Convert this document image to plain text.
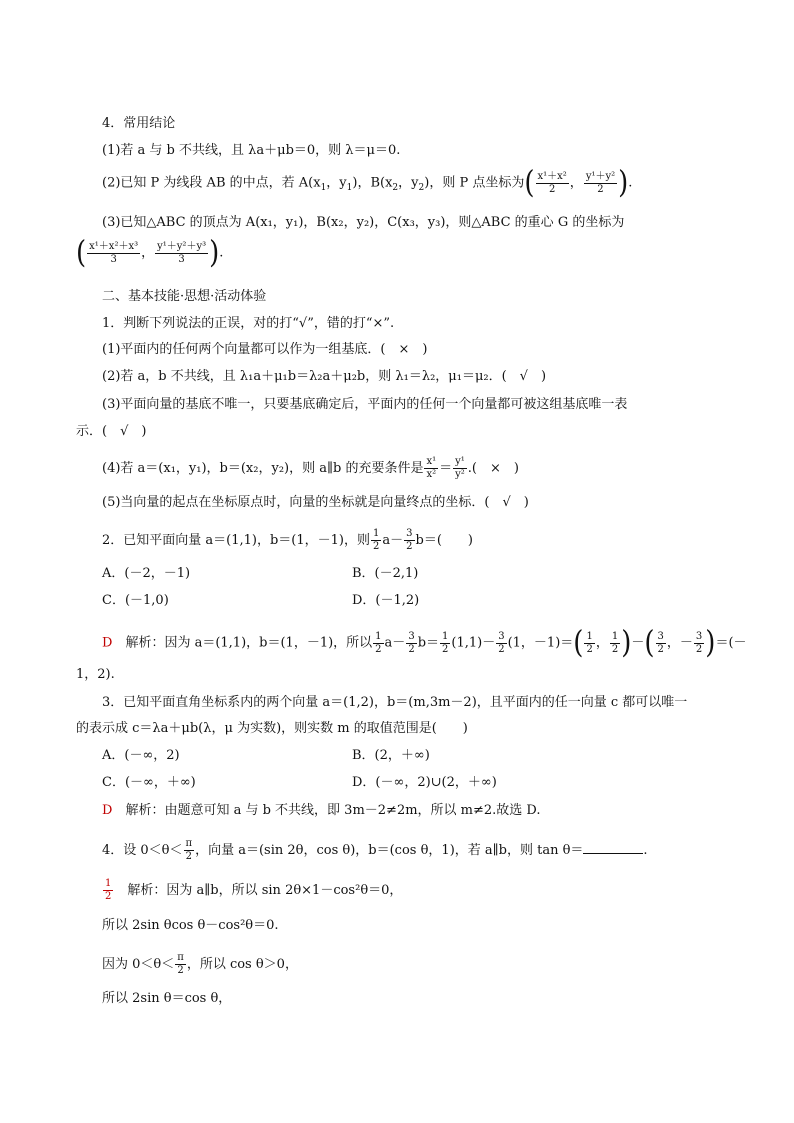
4．常用结论
(1)若 a 与 b 不共线，且 λa＋μb＝0，则 λ＝μ＝0.
(2)已知 P 为线段 AB 的中点，若 $A(x_1$，$y_1$)，$B(x_2$，$y_2$)，则 P 点坐标为( $\frac{\text{x¹＋x²}}{2}$ ， $\frac{\text{y¹＋y²}}{2}$ ).
(3)已知△ABC 的顶点为 A(x₁，y₁)，B(x₂，y₂)，C(x₃，y₃)，则△ABC 的重心 G 的坐标为
( $\frac{\text{x¹＋x²＋x³}}{3}$ ， $\frac{\text{y¹＋y²＋y³}}{3}$ ).
二、基本技能·思想·活动体验
1．判断下列说法的正误，对的打“√”，错的打“×”.
(1)平面内的任何两个向量都可以作为一组基底．(　×　)
(2)若 a，b 不共线，且 λ₁a＋μ₁b＝λ₂a＋μ₂b，则 λ₁＝λ₂，μ₁＝μ₂．(　√　)
(3)平面向量的基底不唯一，只要基底确定后，平面内的任何一个向量都可被这组基底唯一表
示．(　√　)
(4)若 a＝(x₁，y₁)，b＝(x₂，y₂)，则 a∥b 的充要条件是 $\frac{\text{x¹}}{\text{x²}} = \frac{\text{y¹}}{\text{y²}}$ .(　×　)
(5)当向量的起点在坐标原点时，向量的坐标就是向量终点的坐标．(　√　)
2．已知平面向量 a＝(1,1)，b＝(1，－1)，则 $\frac{1}{2} a- \frac{3}{2} b=$(　　)
A．(－2，－1)	B．(－2,1)
C．(－1,0)	D．(－1,2)
D　 解析：因为 a＝(1,1)，b＝(1，－1)，所以 $\frac{1}{2} a- \frac{3}{2} b= \frac{1}{2} (1,1)- \frac{3}{2} (1$，$-1)=( \frac{1}{2}$ ， $\frac{1}{2}$ )－( $\frac{3}{2}$ ，－ $\frac{3}{2}$ )＝(－
1，2).
3．已知平面直角坐标系内的两个向量 a＝(1,2)，b＝(m,3m－2)，且平面内的任一向量 c 都可以唯一
的表示成 c＝λa＋μb(λ，μ 为实数)，则实数 m 的取值范围是(　　)
A．(－∞，2)	B．(2，＋∞)
C．(－∞，＋∞)	D．(－∞，2)∪(2，＋∞)
D　 解析：由题意可知 a 与 b 不共线，即 3m－2≠2m，所以 m≠2.故选 D.
4．设 $0<\theta< \frac{\pi}{2}$ ，向量 a＝(sin 2θ，cos θ)，b＝(cos θ，1)，若 a∥b，则 tan θ＝	.
$\frac{1}{2}$
　 解析：因为 a∥b，所以 sin 2θ×1－cos²θ＝0，
所以 2sin θcos θ－cos²θ＝0.
因为 $0<\theta< \frac{\pi}{2}$ ，所以 cos θ＞0，
所以 2sin θ＝cos θ，
